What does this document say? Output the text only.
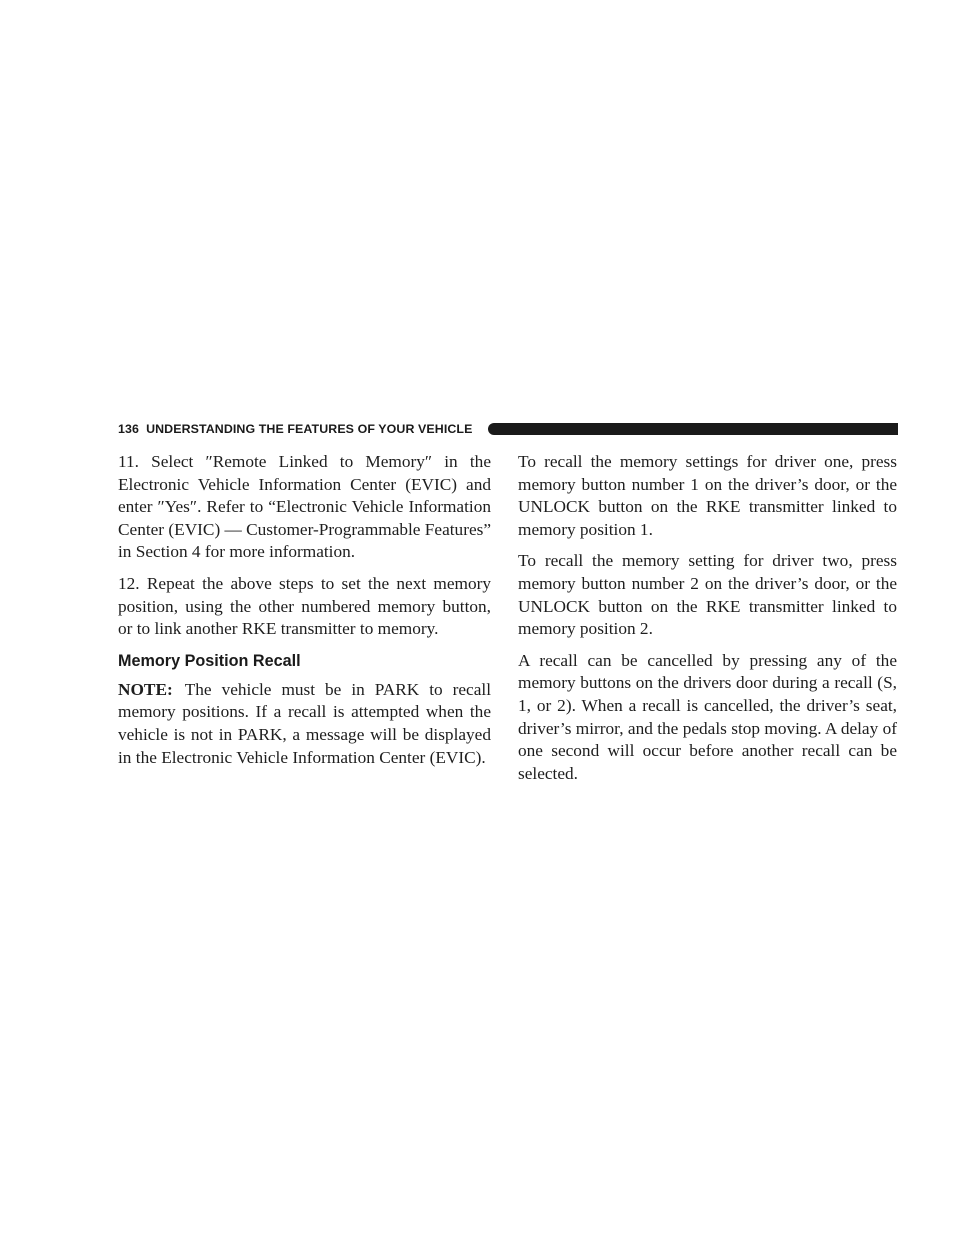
136 UNDERSTANDING THE FEATURES OF YOUR VEHICLE

11. Select ″Remote Linked to Memory″ in the Electronic Vehicle Information Center (EVIC) and enter ″Yes″. Refer to “Electronic Vehicle Information Center (EVIC) — Customer-Programmable Features” in Section 4 for more information.

12. Repeat the above steps to set the next memory position, using the other numbered memory button, or to link another RKE transmitter to memory.

Memory Position Recall

NOTE: The vehicle must be in PARK to recall memory positions. If a recall is attempted when the vehicle is not in PARK, a message will be displayed in the Electronic Vehicle Information Center (EVIC).

To recall the memory settings for driver one, press memory button number 1 on the driver’s door, or the UNLOCK button on the RKE transmitter linked to memory position 1.

To recall the memory setting for driver two, press memory button number 2 on the driver’s door, or the UNLOCK button on the RKE transmitter linked to memory position 2.

A recall can be cancelled by pressing any of the memory buttons on the drivers door during a recall (S, 1, or 2). When a recall is cancelled, the driver’s seat, driver’s mirror, and the pedals stop moving. A delay of one second will occur before another recall can be selected.
